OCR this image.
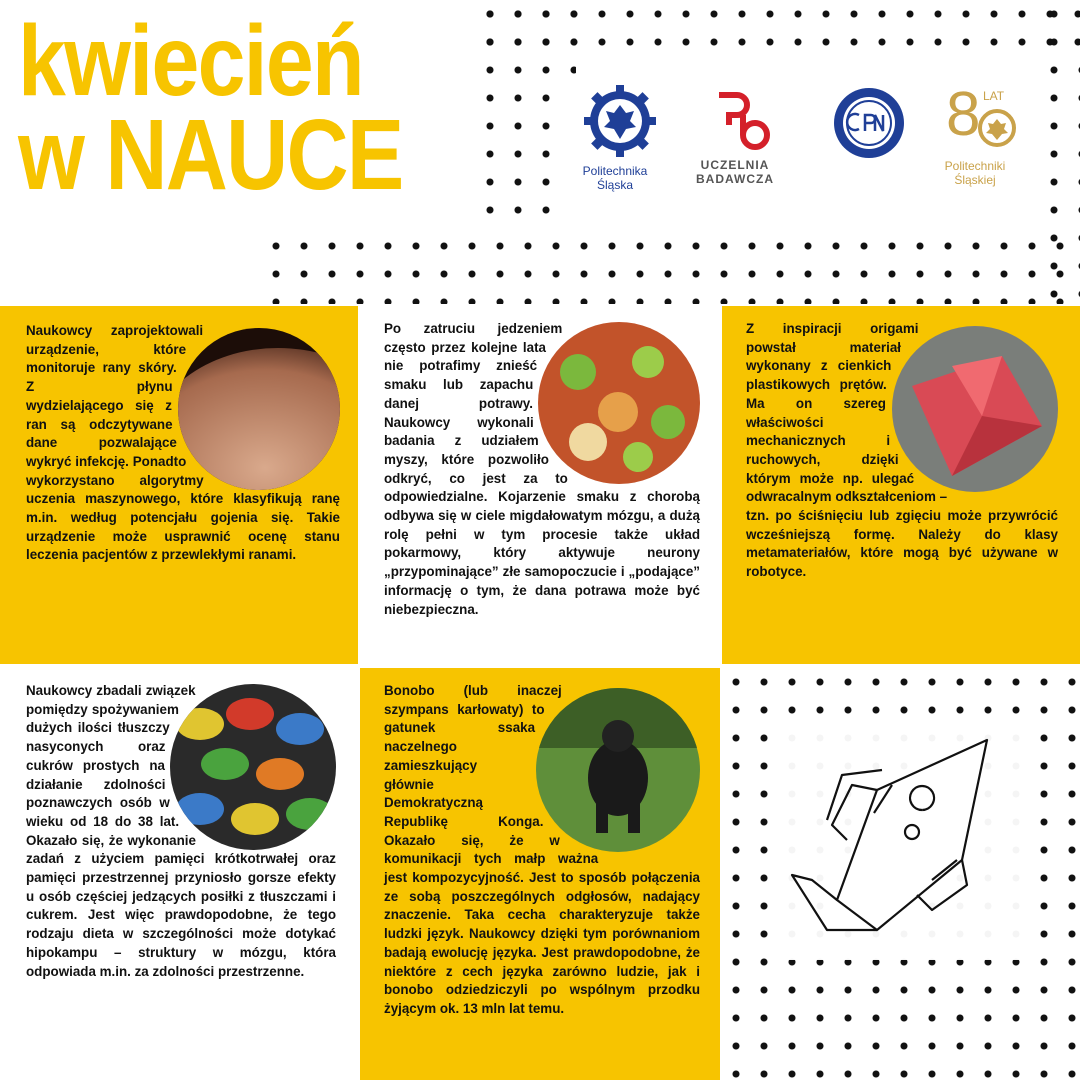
kwiecień
w NAUCE	Politechnika
Śląska
UCZELNIA
BADAWCZA
8 LAT
Politechniki
Śląskiej

Naukowcy zaprojektowali urządzenie, które monitoruje rany skóry. Z płynu wydzielającego się z ran są odczytywane dane pozwalające wykryć infekcję. Ponadto wykorzystano algorytmy uczenia maszynowego, które klasyfikują ranę m.in. według potencjału gojenia się. Takie urządzenie może usprawnić ocenę stanu leczenia pacjentów z przewlekłymi ranami.

Po zatruciu jedzeniem często przez kolejne lata nie potrafimy znieść smaku lub zapachu danej potrawy. Naukowcy wykonali badania z udziałem myszy, które pozwoliło odkryć, co jest za to odpowiedzialne. Kojarzenie smaku z chorobą odbywa się w ciele migdałowatym mózgu, a dużą rolę pełni w tym procesie także układ pokarmowy, który aktywuje neurony „przypominające” złe samopoczucie i „podające” informację o tym, że dana potrawa może być niebezpieczna.

Z inspiracji origami powstał materiał wykonany z cienkich plastikowych prętów. Ma on szereg właściwości mechanicznych i ruchowych, dzięki którym może np. ulegać odwracalnym odkształceniom – tzn. po ściśnięciu lub zgięciu może przywrócić wcześniejszą formę. Należy do klasy metamateriałów, które mogą być używane w robotyce.

Naukowcy zbadali związek pomiędzy spożywaniem dużych ilości tłuszczy nasyconych oraz cukrów prostych na działanie zdolności poznawczych osób w wieku od 18 do 38 lat. Okazało się, że wykonanie zadań z użyciem pamięci krótkotrwałej oraz pamięci przestrzennej przyniosło gorsze efekty u osób częściej jedzących posiłki z tłuszczami i cukrem. Jest więc prawdopodobne, że tego rodzaju dieta w szczególności może dotykać hipokampu – struktury w mózgu, która odpowiada m.in. za zdolności przestrzenne.

Bonobo (lub inaczej szympans karłowaty) to gatunek ssaka naczelnego zamieszkujący głównie Demokratyczną Republikę Konga. Okazało się, że w komunikacji tych małp ważna jest kompozycyjność. Jest to sposób połączenia ze sobą poszczególnych odgłosów, nadający znaczenie. Taka cecha charakteryzuje także ludzki język. Naukowcy dzięki tym porównaniom badają ewolucję języka. Jest prawdopodobne, że niektóre z cech języka zarówno ludzie, jak i bonobo odziedziczyli po wspólnym przodku żyjącym ok. 13 mln lat temu.
